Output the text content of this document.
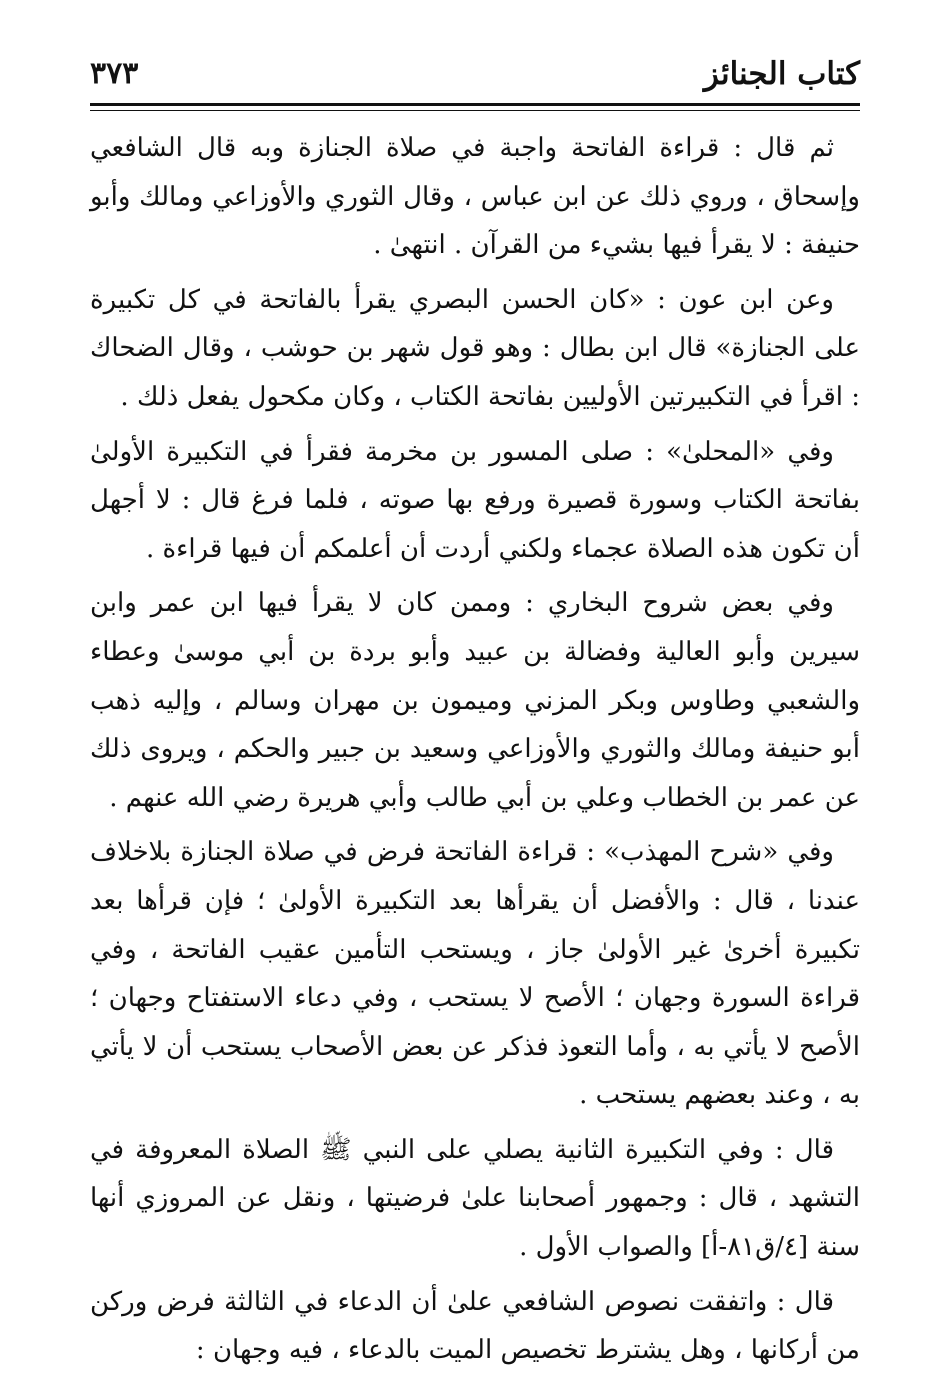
كتاب الجنائز
٣٧٣

ثم قال : قراءة الفاتحة واجبة في صلاة الجنازة وبه قال الشافعي وإسحاق ، وروي ذلك عن ابن عباس ، وقال الثوري والأوزاعي ومالك وأبو حنيفة : لا يقرأ فيها بشيء من القرآن . انتهىٰ .

وعن ابن عون : «كان الحسن البصري يقرأ بالفاتحة في كل تكبيرة على الجنازة» قال ابن بطال : وهو قول شهر بن حوشب ، وقال الضحاك : اقرأ في التكبيرتين الأوليين بفاتحة الكتاب ، وكان مكحول يفعل ذلك .

وفي «المحلىٰ» : صلى المسور بن مخرمة فقرأ في التكبيرة الأولىٰ بفاتحة الكتاب وسورة قصيرة ورفع بها صوته ، فلما فرغ قال : لا أجهل أن تكون هذه الصلاة عجماء ولكني أردت أن أعلمكم أن فيها قراءة .

وفي بعض شروح البخاري : وممن كان لا يقرأ فيها ابن عمر وابن سيرين وأبو العالية وفضالة بن عبيد وأبو بردة بن أبي موسىٰ وعطاء والشعبي وطاوس وبكر المزني وميمون بن مهران وسالم ، وإليه ذهب أبو حنيفة ومالك والثوري والأوزاعي وسعيد بن جبير والحكم ، ويروى ذلك عن عمر بن الخطاب وعلي بن أبي طالب وأبي هريرة رضي الله عنهم .

وفي «شرح المهذب» : قراءة الفاتحة فرض في صلاة الجنازة بلاخلاف عندنا ، قال : والأفضل أن يقرأها بعد التكبيرة الأولىٰ ؛ فإن قرأها بعد تكبيرة أخرىٰ غير الأولىٰ جاز ، ويستحب التأمين عقيب الفاتحة ، وفي قراءة السورة وجهان ؛ الأصح لا يستحب ، وفي دعاء الاستفتاح وجهان ؛ الأصح لا يأتي به ، وأما التعوذ فذكر عن بعض الأصحاب يستحب أن لا يأتي به ، وعند بعضهم يستحب .

قال : وفي التكبيرة الثانية يصلي على النبي ﷺ الصلاة المعروفة في التشهد ، قال : وجمهور أصحابنا علىٰ فرضيتها ، ونقل عن المروزي أنها سنة [٤/ق٨١-أ] والصواب الأول .

قال : واتفقت نصوص الشافعي علىٰ أن الدعاء في الثالثة فرض وركن من أركانها ، وهل يشترط تخصيص الميت بالدعاء ، فيه وجهان :
